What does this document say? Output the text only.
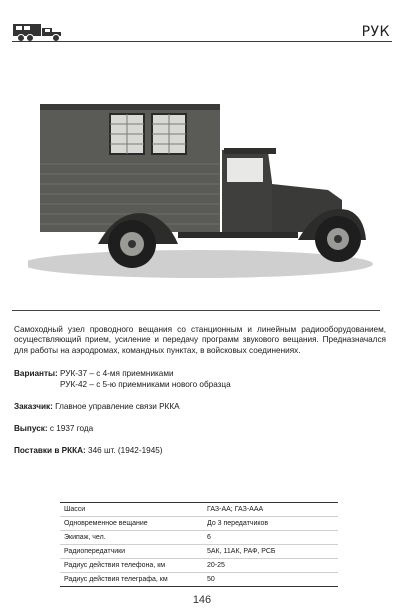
РУК

Самоходный узел проводного вещания со станционным и линейным радиооборудованием, осуществляющий прием, усиление и передачу программ звукового вещания. Предназначался для работы на аэродромах, командных пунктах, в войсковых соединениях.

Варианты: РУК-37 – с 4-мя приемниками
РУК-42 – с 5-ю приемниками нового образца
Заказчик: Главное управление связи РККА
Выпуск: с 1937 года
Поставки в РККА: 346 шт. (1942-1945)
Шасси	ГАЗ-АА; ГАЗ-ААА
Одновременное вещание	До 3 передатчиков
Экипаж, чел.	6
Радиопередатчики	5АК, 11АК, РАФ, РСБ
Радиус действия телефона, км	20-25
Радиус действия телеграфа, км	50
146
